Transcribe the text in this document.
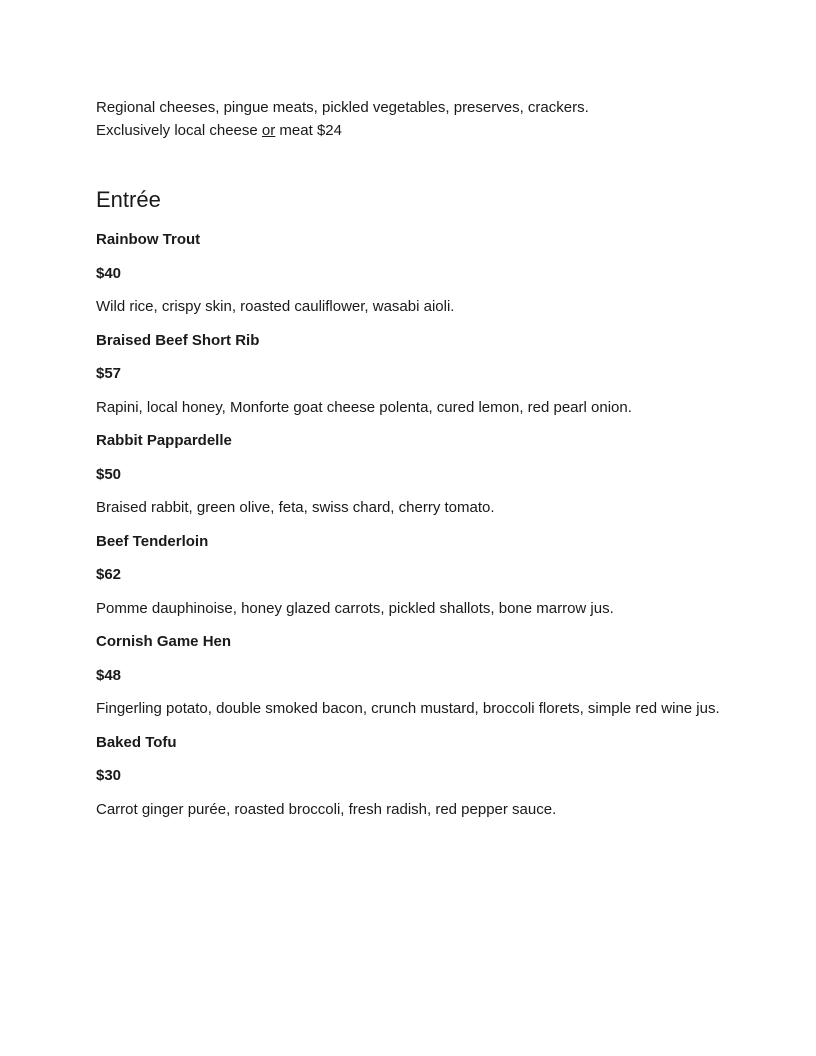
Regional cheeses, pingue meats, pickled vegetables, preserves, crackers.

Exclusively local cheese or meat $24

Entrée

Rainbow Trout

$40

Wild rice, crispy skin, roasted cauliflower, wasabi aioli.

Braised Beef Short Rib

$57

Rapini, local honey, Monforte goat cheese polenta, cured lemon, red pearl onion.

Rabbit Pappardelle

$50

Braised rabbit, green olive, feta, swiss chard, cherry tomato.

Beef Tenderloin

$62

Pomme dauphinoise, honey glazed carrots, pickled shallots, bone marrow jus.

Cornish Game Hen

$48

Fingerling potato, double smoked bacon, crunch mustard, broccoli florets, simple red wine jus.

Baked Tofu

$30

Carrot ginger purée, roasted broccoli, fresh radish, red pepper sauce.
